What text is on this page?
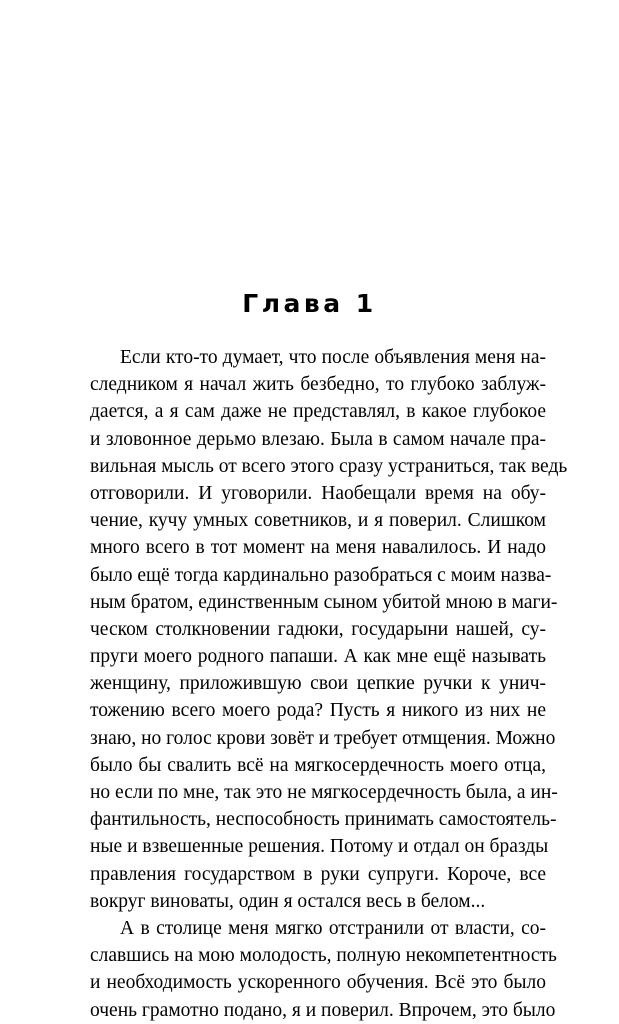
Глава 1
Если кто-то думает, что после объявления меня на-
следником я начал жить безбедно, то глубоко заблуж-
дается, а я сам даже не представлял, в какое глубокое
и зловонное дерьмо влезаю. Была в самом начале пра-
вильная мысль от всего этого сразу устраниться, так ведь
отговорили. И уговорили. Наобещали время на обу-
чение, кучу умных советников, и я поверил. Слишком
много всего в тот момент на меня навалилось. И надо
было ещё тогда кардинально разобраться с моим назва-
ным братом, единственным сыном убитой мною в маги-
ческом столкновении гадюки, государыни нашей, су-
пруги моего родного папаши. А как мне ещё называть
женщину, приложившую свои цепкие ручки к унич-
тожению всего моего рода? Пусть я никого из них не
знаю, но голос крови зовёт и требует отмщения. Можно
было бы свалить всё на мягкосердечность моего отца,
но если по мне, так это не мягкосердечность была, а ин-
фантильность, неспособность принимать самостоятель-
ные и взвешенные решения. Потому и отдал он бразды
правления государством в руки супруги. Короче, все
вокруг виноваты, один я остался весь в белом...
А в столице меня мягко отстранили от власти, со-
славшись на мою молодость, полную некомпетентность
и необходимость ускоренного обучения. Всё это было
очень грамотно подано, я и поверил. Впрочем, это было
